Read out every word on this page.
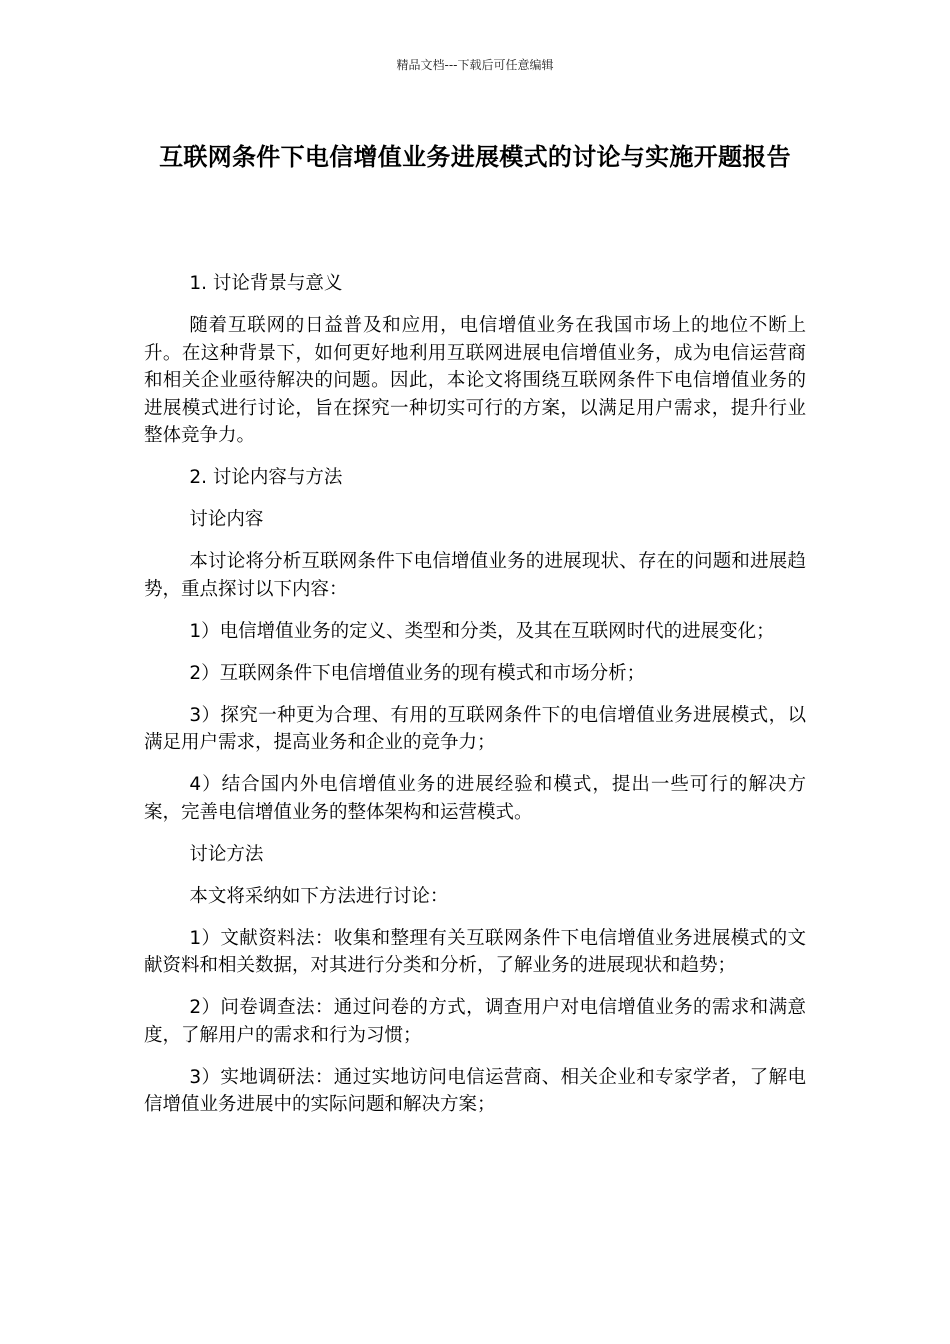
精品文档---下载后可任意编辑
互联网条件下电信增值业务进展模式的讨论与实施开题报告

1. 讨论背景与意义

随着互联网的日益普及和应用，电信增值业务在我国市场上的地位不断上升。在这种背景下，如何更好地利用互联网进展电信增值业务，成为电信运营商和相关企业亟待解决的问题。因此，本论文将围绕互联网条件下电信增值业务的进展模式进行讨论，旨在探究一种切实可行的方案，以满足用户需求，提升行业整体竞争力。

2. 讨论内容与方法

讨论内容

本讨论将分析互联网条件下电信增值业务的进展现状、存在的问题和进展趋势，重点探讨以下内容：

1）电信增值业务的定义、类型和分类，及其在互联网时代的进展变化；

2）互联网条件下电信增值业务的现有模式和市场分析；

3）探究一种更为合理、有用的互联网条件下的电信增值业务进展模式，以满足用户需求，提高业务和企业的竞争力；

4）结合国内外电信增值业务的进展经验和模式，提出一些可行的解决方案，完善电信增值业务的整体架构和运营模式。

讨论方法

本文将采纳如下方法进行讨论：

1）文献资料法：收集和整理有关互联网条件下电信增值业务进展模式的文献资料和相关数据，对其进行分类和分析，了解业务的进展现状和趋势；

2）问卷调查法：通过问卷的方式，调查用户对电信增值业务的需求和满意度，了解用户的需求和行为习惯；

3）实地调研法：通过实地访问电信运营商、相关企业和专家学者，了解电信增值业务进展中的实际问题和解决方案；
